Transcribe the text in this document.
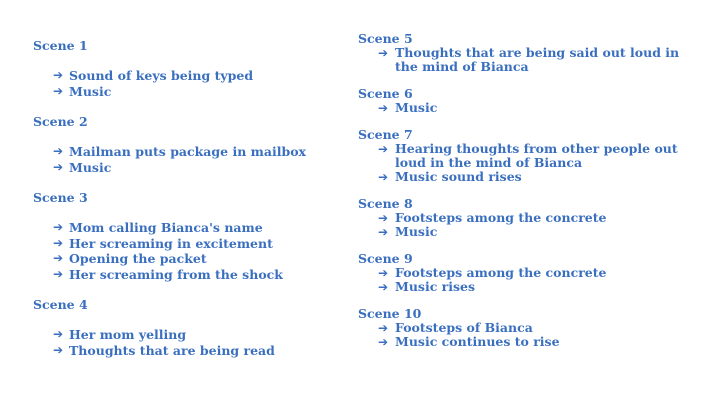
Scene 1
➔ Sound of keys being typed
➔ Music
Scene 2
➔ Mailman puts package in mailbox
➔ Music
Scene 3
➔ Mom calling Bianca's name
➔ Her screaming in excitement
➔ Opening the packet
➔ Her screaming from the shock
Scene 4
➔ Her mom yelling
➔ Thoughts that are being read
Scene 5
➔ Thoughts that are being said out loud in the mind of Bianca
Scene 6
➔ Music
Scene 7
➔ Hearing thoughts from other people out loud in the mind of Bianca
➔ Music sound rises
Scene 8
➔ Footsteps among the concrete
➔ Music
Scene 9
➔ Footsteps among the concrete
➔ Music rises
Scene 10
➔ Footsteps of Bianca
➔ Music continues to rise
